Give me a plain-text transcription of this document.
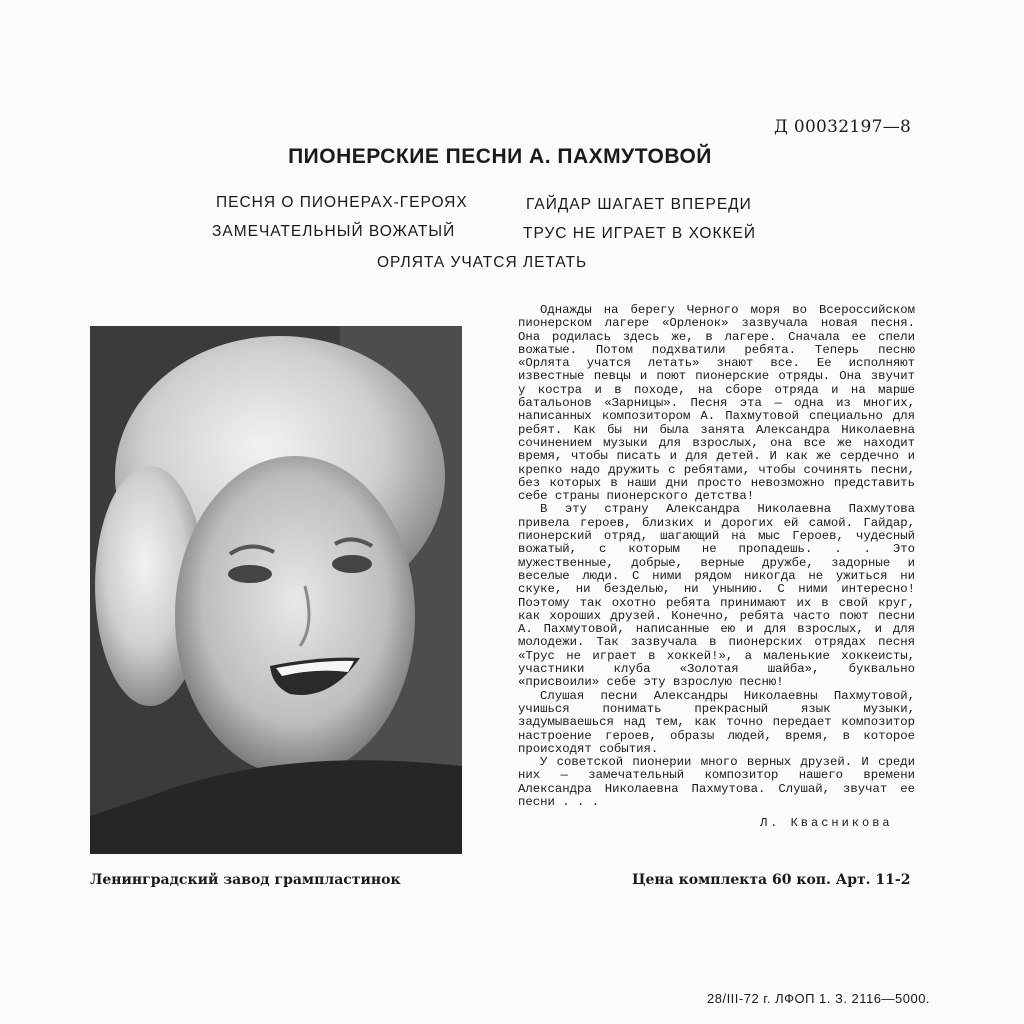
Д 00032197—8
ПИОНЕРСКИЕ ПЕСНИ А. ПАХМУТОВОЙ
ПЕСНЯ О ПИОНЕРАХ-ГЕРОЯХ	ГАЙДАР ШАГАЕТ ВПЕРЕДИ
ЗАМЕЧАТЕЛЬНЫЙ ВОЖАТЫЙ	ТРУС НЕ ИГРАЕТ В ХОККЕЙ
ОРЛЯТА УЧАТСЯ ЛЕТАТЬ

Однажды на берегу Черного моря во Всероссийском пионерском лагере «Орленок» зазвучала новая песня. Она родилась здесь же, в лагере. Сначала ее спели вожатые. Потом подхватили ребята. Теперь песню «Орлята учатся летать» знают все. Ее исполняют известные певцы и поют пионерские отряды. Она звучит у костра и в походе, на сборе отряда и на марше батальонов «Зарницы». Песня эта — одна из многих, написанных композитором А. Пахмутовой специально для ребят. Как бы ни была занята Александра Николаевна сочинением музыки для взрослых, она все же находит время, чтобы писать и для детей. И как же сердечно и крепко надо дружить с ребятами, чтобы сочинять песни, без которых в наши дни просто невозможно представить себе страны пионерского детства!

В эту страну Александра Николаевна Пахмутова привела героев, близких и дорогих ей самой. Гайдар, пионерский отряд, шагающий на мыс Героев, чудесный вожатый, с которым не пропадешь. . . Это мужественные, добрые, верные дружбе, задорные и веселые люди. С ними рядом никогда не ужиться ни скуке, ни безделью, ни унынию. С ними интересно! Поэтому так охотно ребята принимают их в свой круг, как хороших друзей. Конечно, ребята часто поют песни А. Пахмутовой, написанные ею и для взрослых, и для молодежи. Так зазвучала в пионерских отрядах песня «Трус не играет в хоккей!», а маленькие хоккеисты, участники клуба «Золотая шайба», буквально «присвоили» себе эту взрослую песню!

Слушая песни Александры Николаевны Пахмутовой, учишься понимать прекрасный язык музыки, задумываешься над тем, как точно передает композитор настроение героев, образы людей, время, в которое происходят события.

У советской пионерии много верных друзей. И среди них — замечательный композитор нашего времени Александра Николаевна Пахмутова. Слушай, звучат ее песни . . .

Л. Квасникова
Ленинградский завод грампластинок	Цена комплекта 60 коп. Арт. 11-2
28/III-72 г. ЛФОП 1. З. 2116—5000.
